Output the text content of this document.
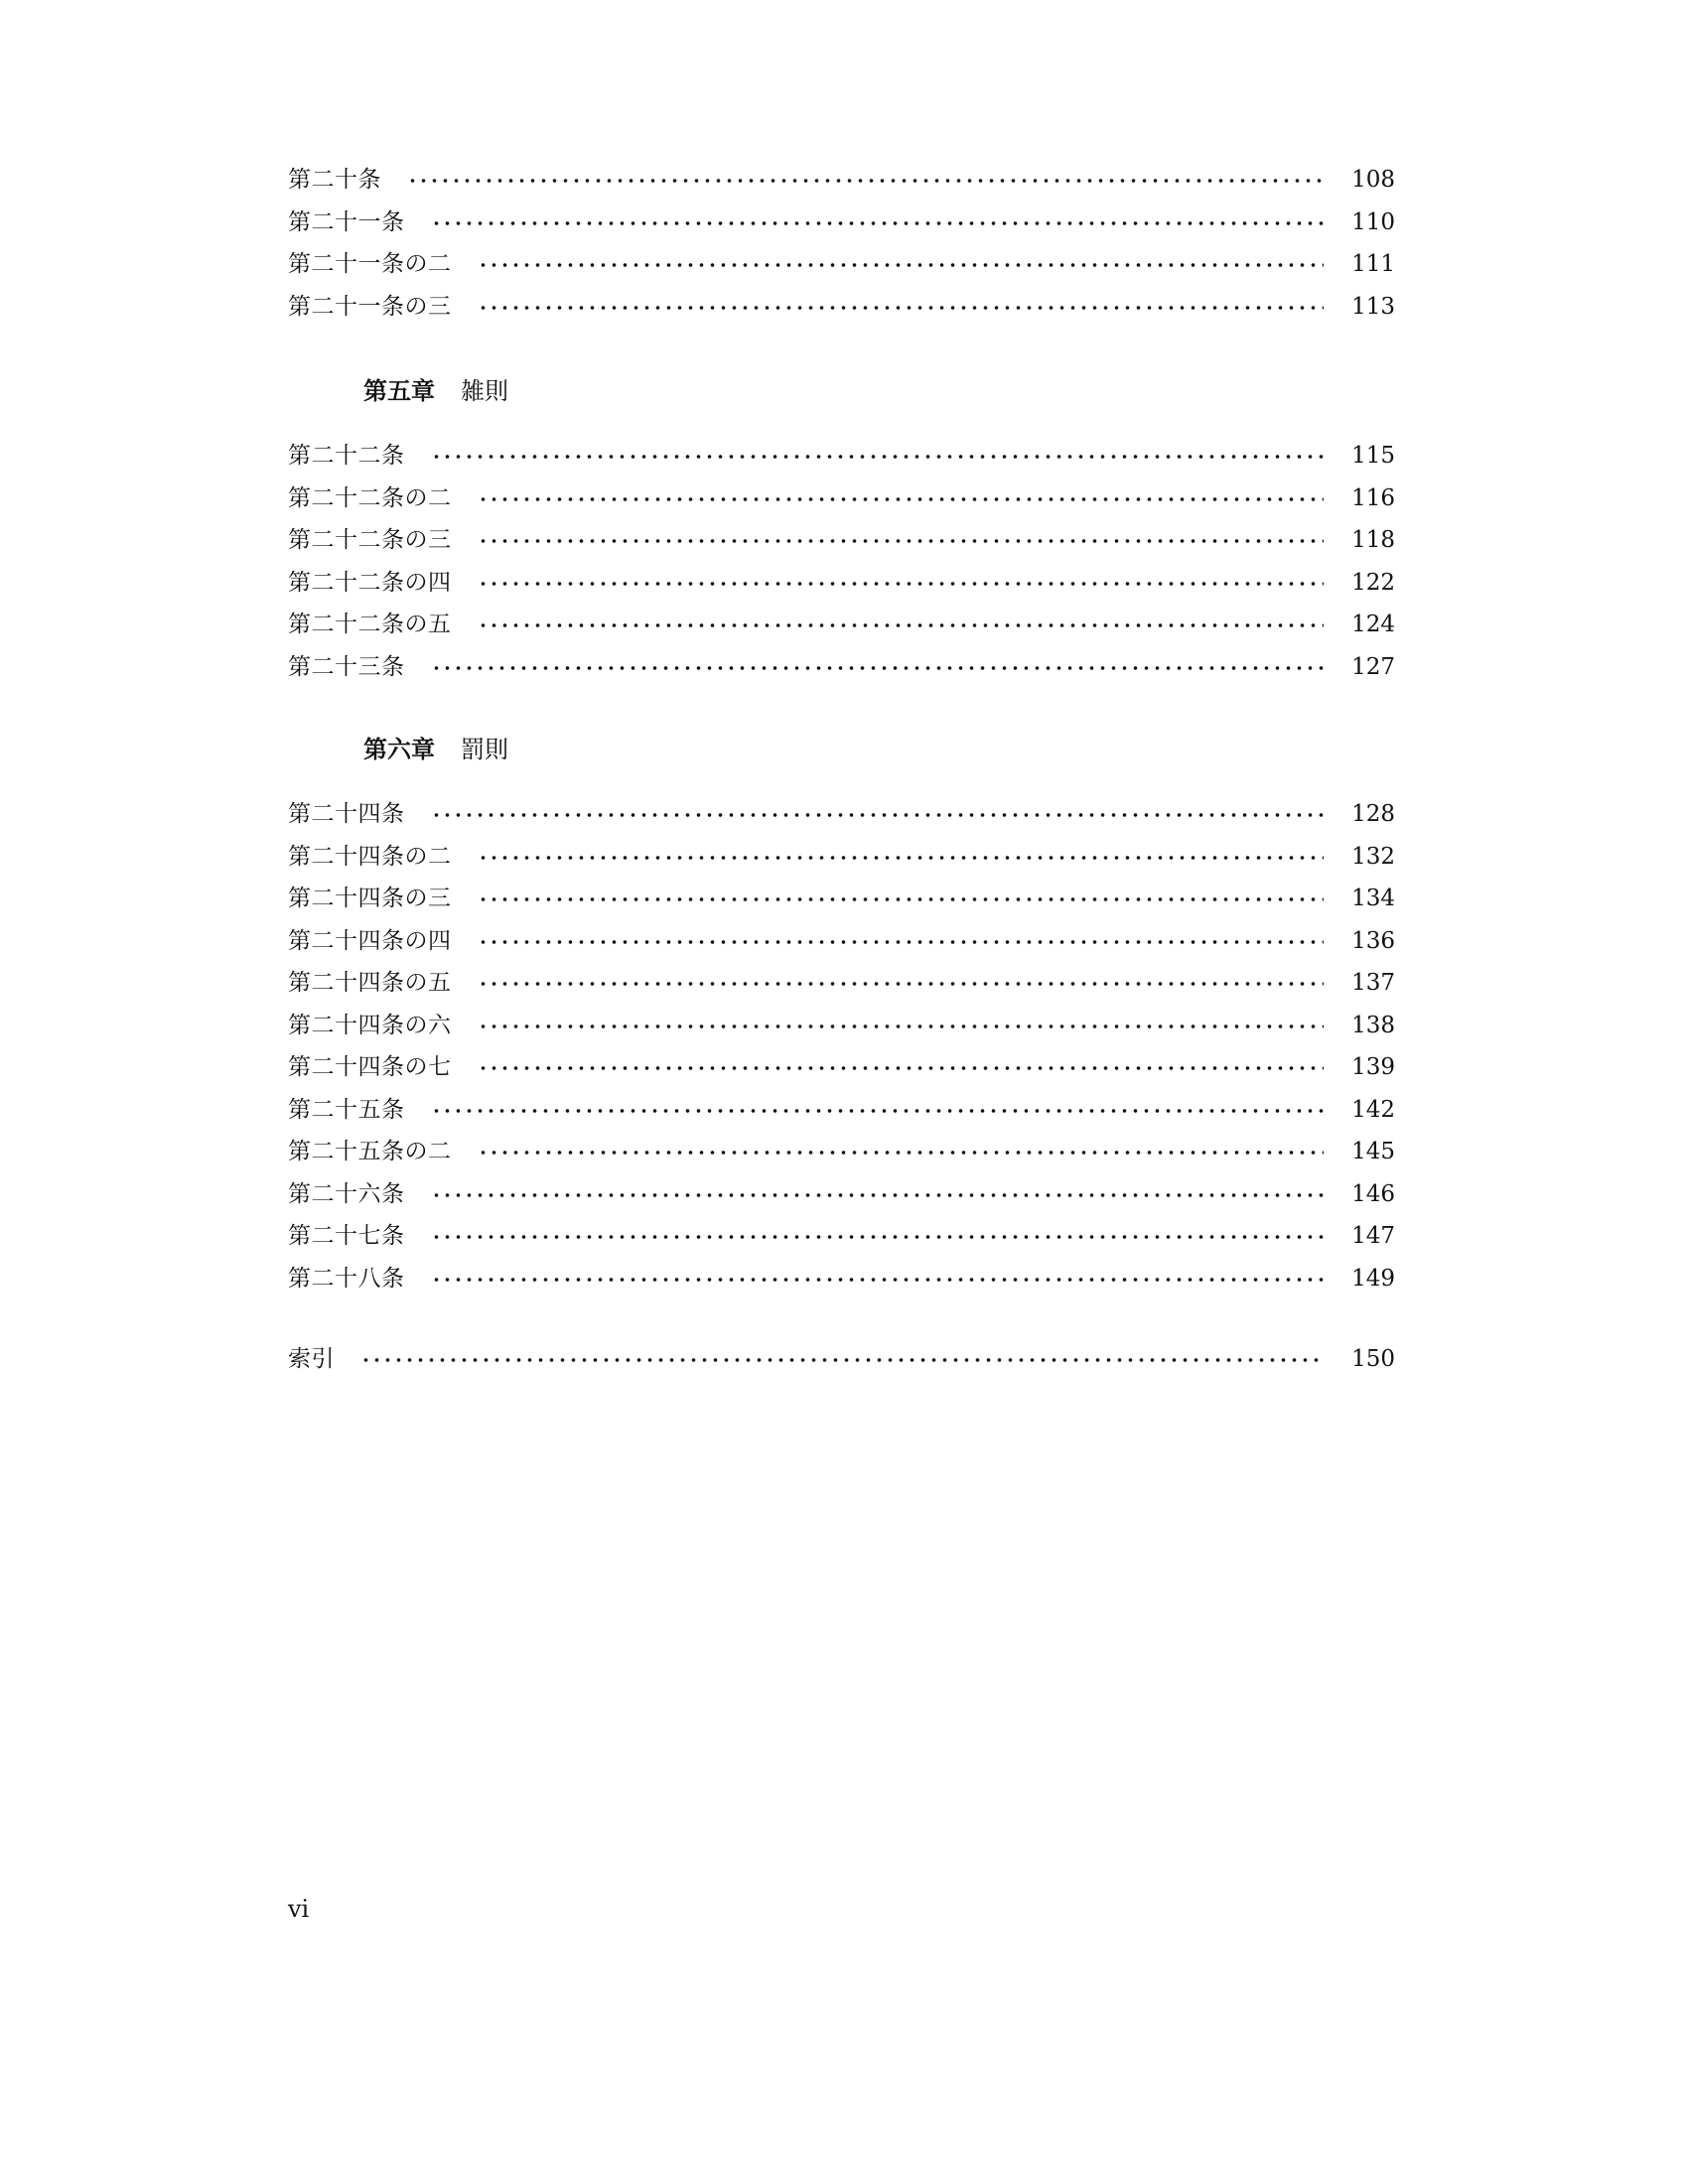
第二十条	108
第二十一条	110
第二十一条の二	111
第二十一条の三	113
第五章 雑則
第二十二条	115
第二十二条の二	116
第二十二条の三	118
第二十二条の四	122
第二十二条の五	124
第二十三条	127
第六章 罰則
第二十四条	128
第二十四条の二	132
第二十四条の三	134
第二十四条の四	136
第二十四条の五	137
第二十四条の六	138
第二十四条の七	139
第二十五条	142
第二十五条の二	145
第二十六条	146
第二十七条	147
第二十八条	149
索引	150
vi
